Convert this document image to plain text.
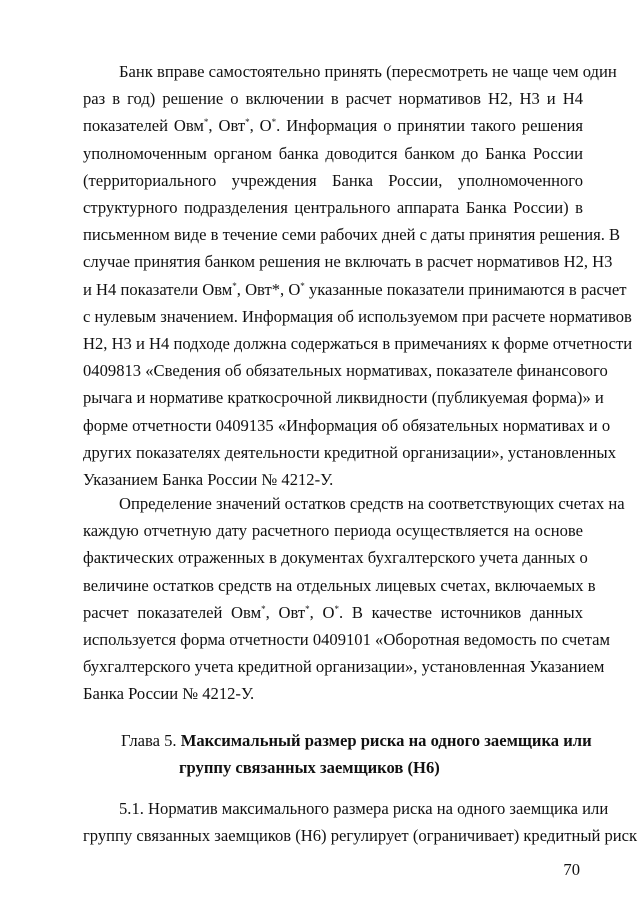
Банк вправе самостоятельно принять (пересмотреть не чаще чем один
раз в год) решение о включении в расчет нормативов Н2, Н3 и Н4
показателей Овм*, Овт*, О*. Информация о принятии такого решения
уполномоченным органом банка доводится банком до Банка России
(территориального учреждения Банка России, уполномоченного
структурного подразделения центрального аппарата Банка России) в
письменном виде в течение семи рабочих дней с даты принятия решения. В
случае принятия банком решения не включать в расчет нормативов Н2, Н3
и Н4 показатели Овм*, Овт*, О* указанные показатели принимаются в расчет
с нулевым значением. Информация об используемом при расчете нормативов
Н2, Н3 и Н4 подходе должна содержаться в примечаниях к форме отчетности
0409813 «Сведения об обязательных нормативах, показателе финансового
рычага и нормативе краткосрочной ликвидности (публикуемая форма)» и
форме отчетности 0409135 «Информация об обязательных нормативах и о
других показателях деятельности кредитной организации», установленных
Указанием Банка России № 4212-У.

Определение значений остатков средств на соответствующих счетах на
каждую отчетную дату расчетного периода осуществляется на основе
фактических отраженных в документах бухгалтерского учета данных о
величине остатков средств на отдельных лицевых счетах, включаемых в
расчет показателей Овм*, Овт*, О*. В качестве источников данных
используется форма отчетности 0409101 «Оборотная ведомость по счетам
бухгалтерского учета кредитной организации», установленная Указанием
Банка России № 4212-У.

Глава 5. Максимальный размер риска на одного заемщика или
группу связанных заемщиков (Н6)

5.1. Норматив максимального размера риска на одного заемщика или
группу связанных заемщиков (Н6) регулирует (ограничивает) кредитный риск

70
